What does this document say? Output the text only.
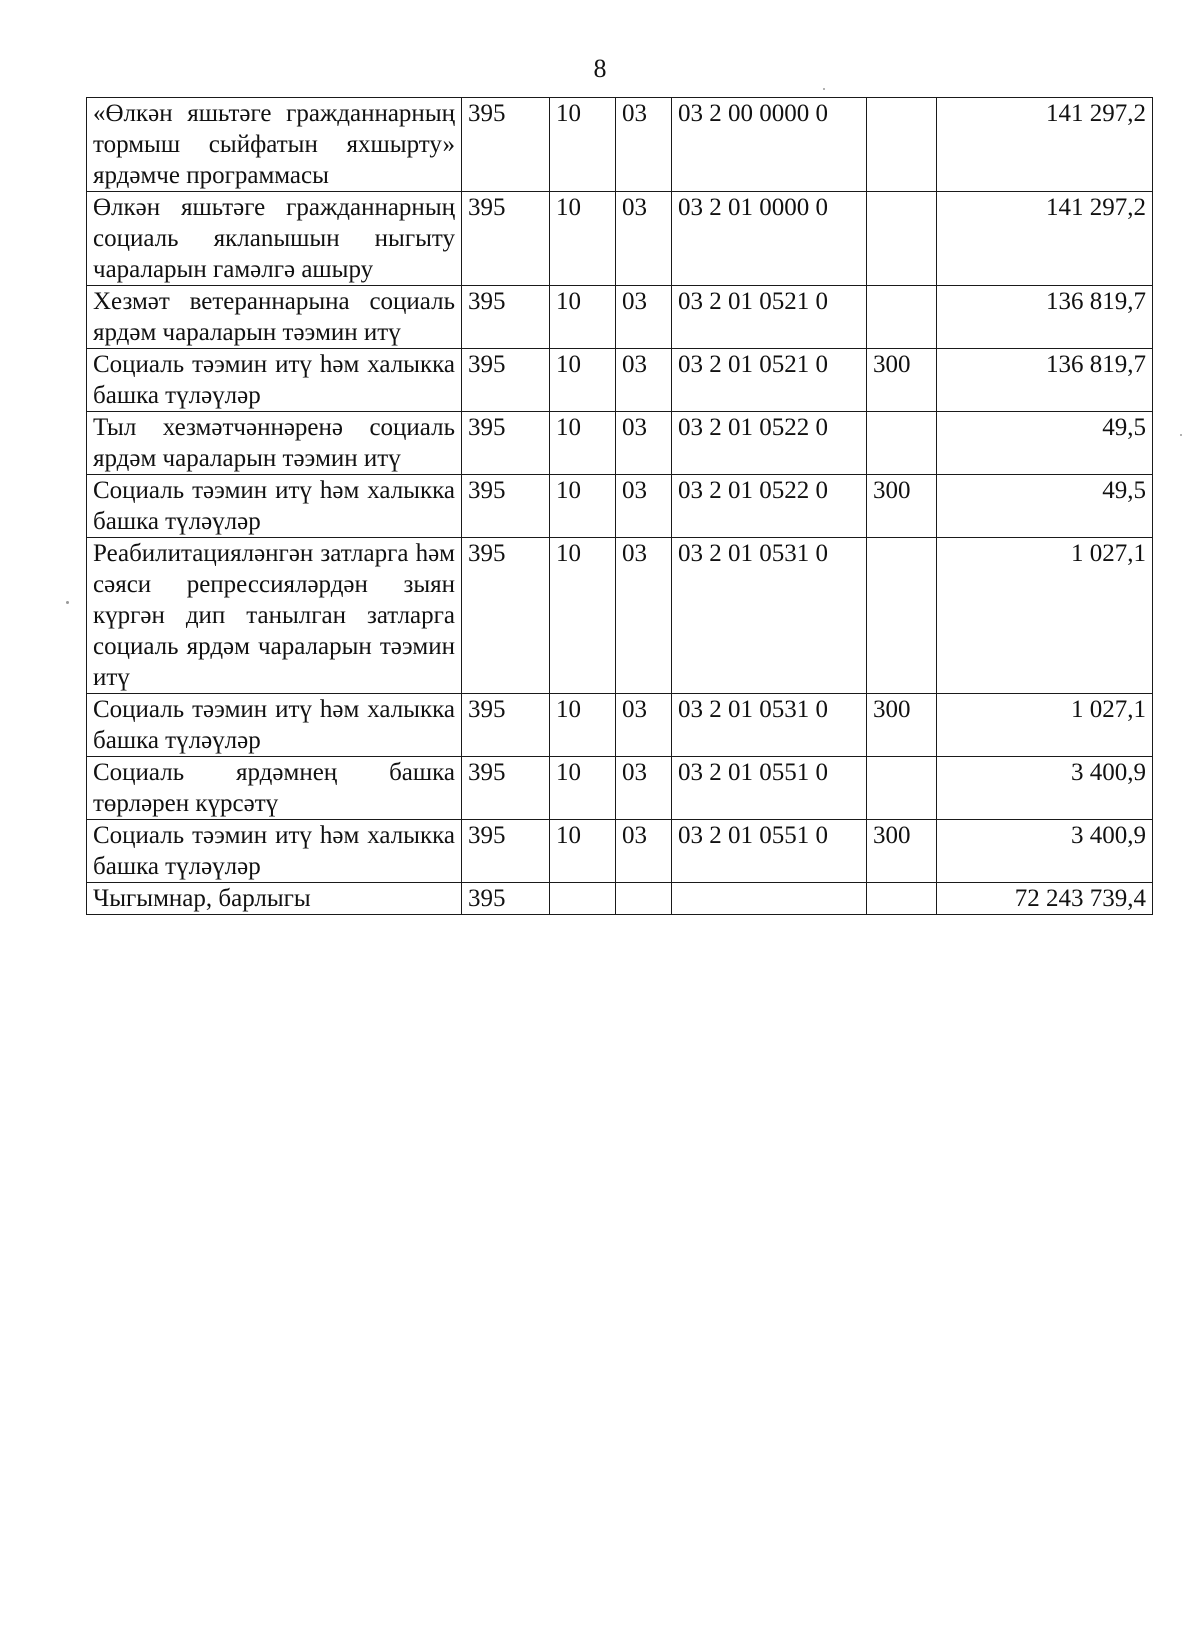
8
«Өлкән яшьтәге гражданнарның тормыш сыйфатын яхшырту» ярдәмче программасы	395	10	03	03 2 00 0000 0		141 297,2
Өлкән яшьтәге гражданнарның социаль яклanышын ныгыту чараларын гамәлгә ашыру	395	10	03	03 2 01 0000 0		141 297,2
Хезмәт ветераннарына социаль ярдәм чараларын тәэмин итү	395	10	03	03 2 01 0521 0		136 819,7
Социаль тәэмин итү һәм халыкка башка түләүләр	395	10	03	03 2 01 0521 0	300	136 819,7
Тыл хезмәтчәннәренә социаль ярдәм чараларын тәэмин итү	395	10	03	03 2 01 0522 0		49,5
Социаль тәэмин итү һәм халыкка башка түләүләр	395	10	03	03 2 01 0522 0	300	49,5
Реабилитацияләнгән затларга һәм сәяси репрессияләрдән зыян күргән дип танылган затларга социаль ярдәм чараларын тәэмин итү	395	10	03	03 2 01 0531 0		1 027,1
Социаль тәэмин итү һәм халыкка башка түләүләр	395	10	03	03 2 01 0531 0	300	1 027,1
Социаль ярдәмнең башка төрләрен күрсәтү	395	10	03	03 2 01 0551 0		3 400,9
Социаль тәэмин итү һәм халыкка башка түләүләр	395	10	03	03 2 01 0551 0	300	3 400,9
Чыгымнар, барлыгы	395					72 243 739,4
